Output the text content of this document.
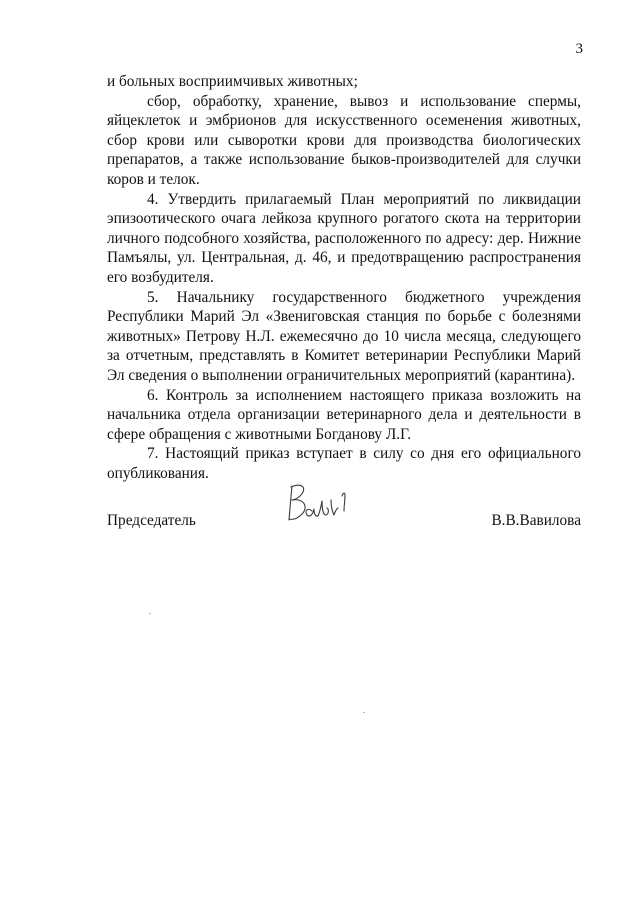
3

и больных восприимчивых животных;

сбор, обработку, хранение, вывоз и использование спермы, яйцеклеток и эмбрионов для искусственного осеменения животных, сбор крови или сыворотки крови для производства биологических препаратов, а также использование быков-производителей для случки коров и телок.

4. Утвердить прилагаемый План мероприятий по ликвидации эпизоотического очага лейкоза крупного рогатого скота на территории личного подсобного хозяйства, расположенного по адресу: дер. Нижние Памъялы, ул. Центральная, д. 46, и предотвращению распространения его возбудителя.

5. Начальнику государственного бюджетного учреждения Республики Марий Эл «Звениговская станция по борьбе с болезнями животных» Петрову Н.Л. ежемесячно до 10 числа месяца, следующего за отчетным, представлять в Комитет ветеринарии Республики Марий Эл сведения о выполнении ограничительных мероприятий (карантина).

6. Контроль за исполнением настоящего приказа возложить на начальника отдела организации ветеринарного дела и деятельности в сфере обращения с животными Богданову Л.Г.

7. Настоящий приказ вступает в силу со дня его официального опубликования.

Председатель	В.В.Вавилова
